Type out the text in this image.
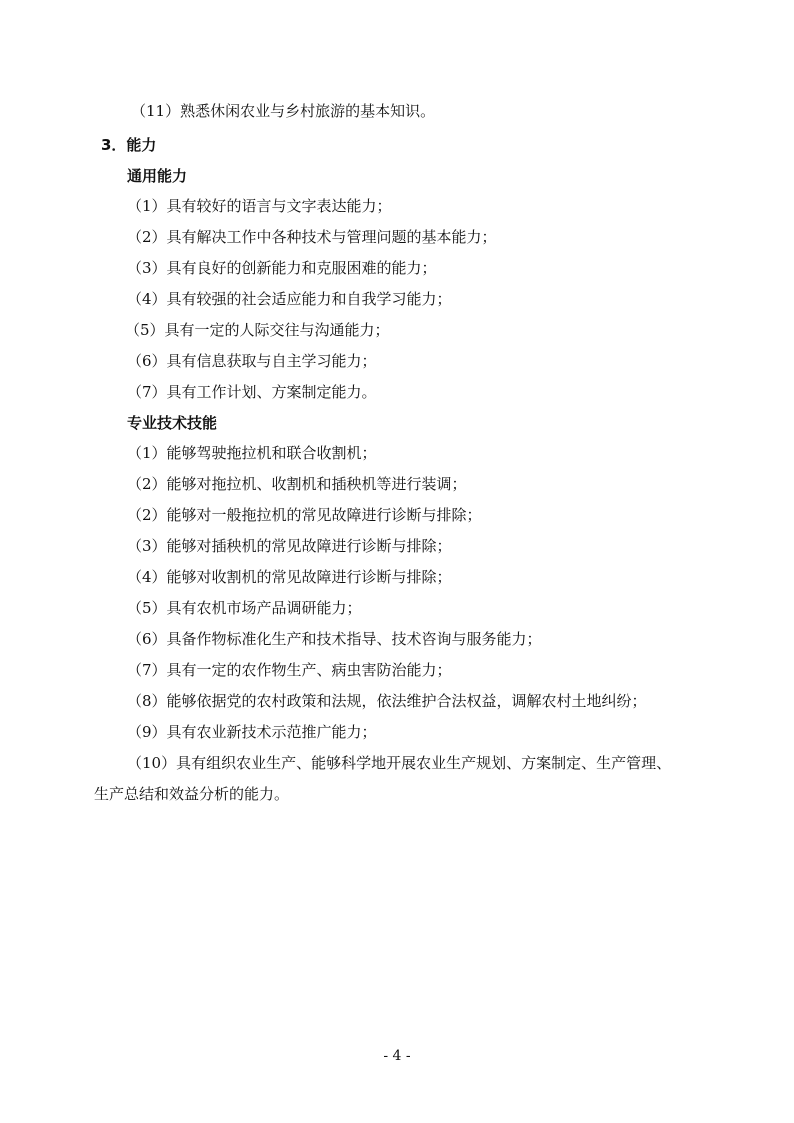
（11）熟悉休闲农业与乡村旅游的基本知识。
3．能力
通用能力
（1）具有较好的语言与文字表达能力；
（2）具有解决工作中各种技术与管理问题的基本能力；
（3）具有良好的创新能力和克服困难的能力；
（4）具有较强的社会适应能力和自我学习能力；
（5）具有一定的人际交往与沟通能力；
（6）具有信息获取与自主学习能力；
（7）具有工作计划、方案制定能力。
专业技术技能
（1）能够驾驶拖拉机和联合收割机；
（2）能够对拖拉机、收割机和插秧机等进行装调；
（2）能够对一般拖拉机的常见故障进行诊断与排除；
（3）能够对插秧机的常见故障进行诊断与排除；
（4）能够对收割机的常见故障进行诊断与排除；
（5）具有农机市场产品调研能力；
（6）具备作物标准化生产和技术指导、技术咨询与服务能力；
（7）具有一定的农作物生产、病虫害防治能力；
（8）能够依据党的农村政策和法规，依法维护合法权益，调解农村土地纠纷；
（9）具有农业新技术示范推广能力；
（10）具有组织农业生产、能够科学地开展农业生产规划、方案制定、生产管理、
生产总结和效益分析的能力。
- 4 -
